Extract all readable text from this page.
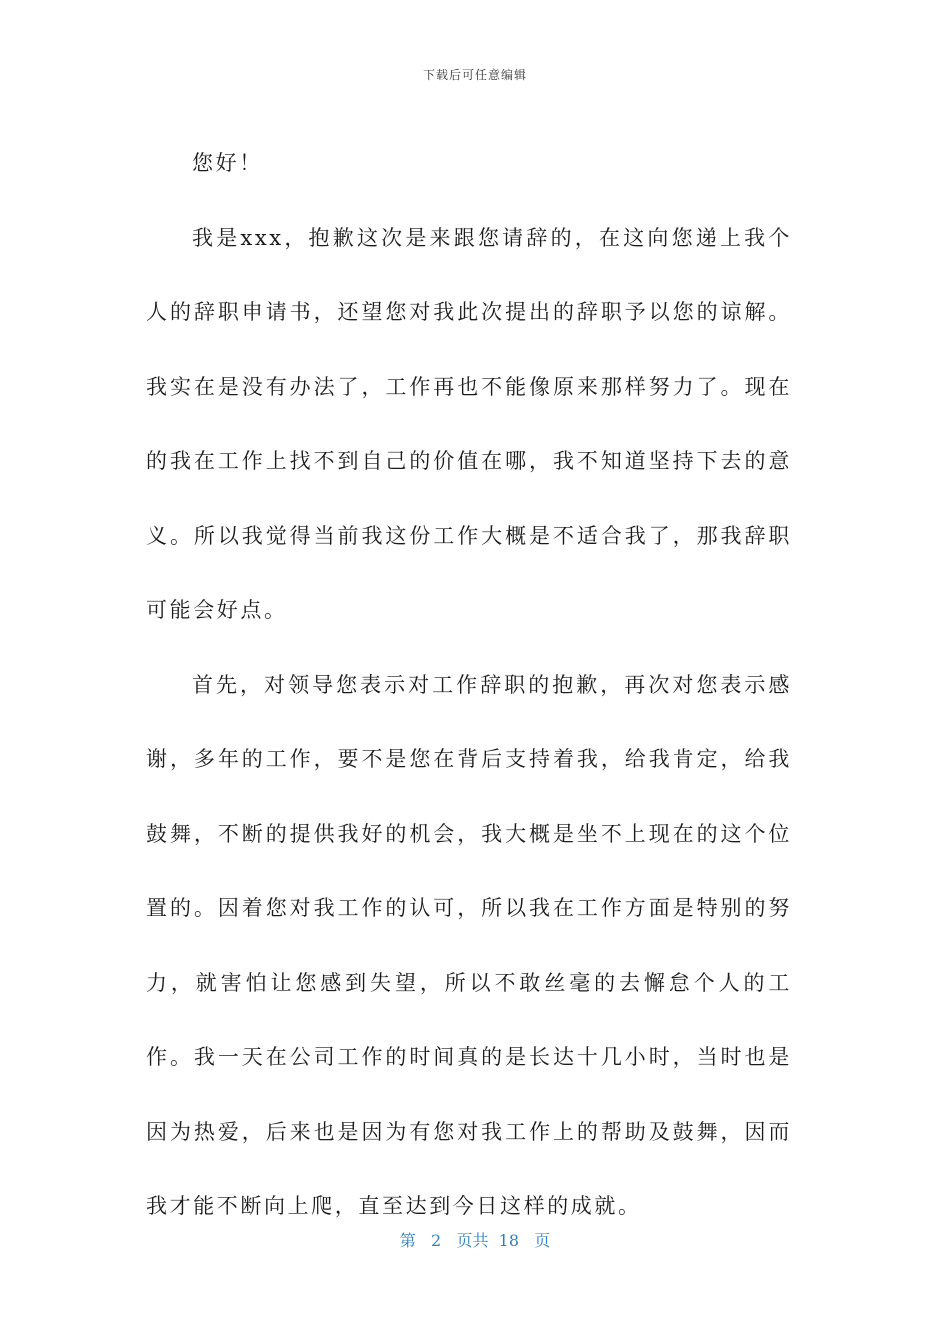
下载后可任意编辑

您好！

我是xxx，抱歉这次是来跟您请辞的，在这向您递上我个人的辞职申请书，还望您对我此次提出的辞职予以您的谅解。我实在是没有办法了，工作再也不能像原来那样努力了。现在的我在工作上找不到自己的价值在哪，我不知道坚持下去的意义。所以我觉得当前我这份工作大概是不适合我了，那我辞职可能会好点。

首先，对领导您表示对工作辞职的抱歉，再次对您表示感谢，多年的工作，要不是您在背后支持着我，给我肯定，给我鼓舞，不断的提供我好的机会，我大概是坐不上现在的这个位置的。因着您对我工作的认可，所以我在工作方面是特别的努力，就害怕让您感到失望，所以不敢丝毫的去懈怠个人的工作。我一天在公司工作的时间真的是长达十几小时，当时也是因为热爱，后来也是因为有您对我工作上的帮助及鼓舞，因而我才能不断向上爬，直至达到今日这样的成就。

第 2 页共 18 页
